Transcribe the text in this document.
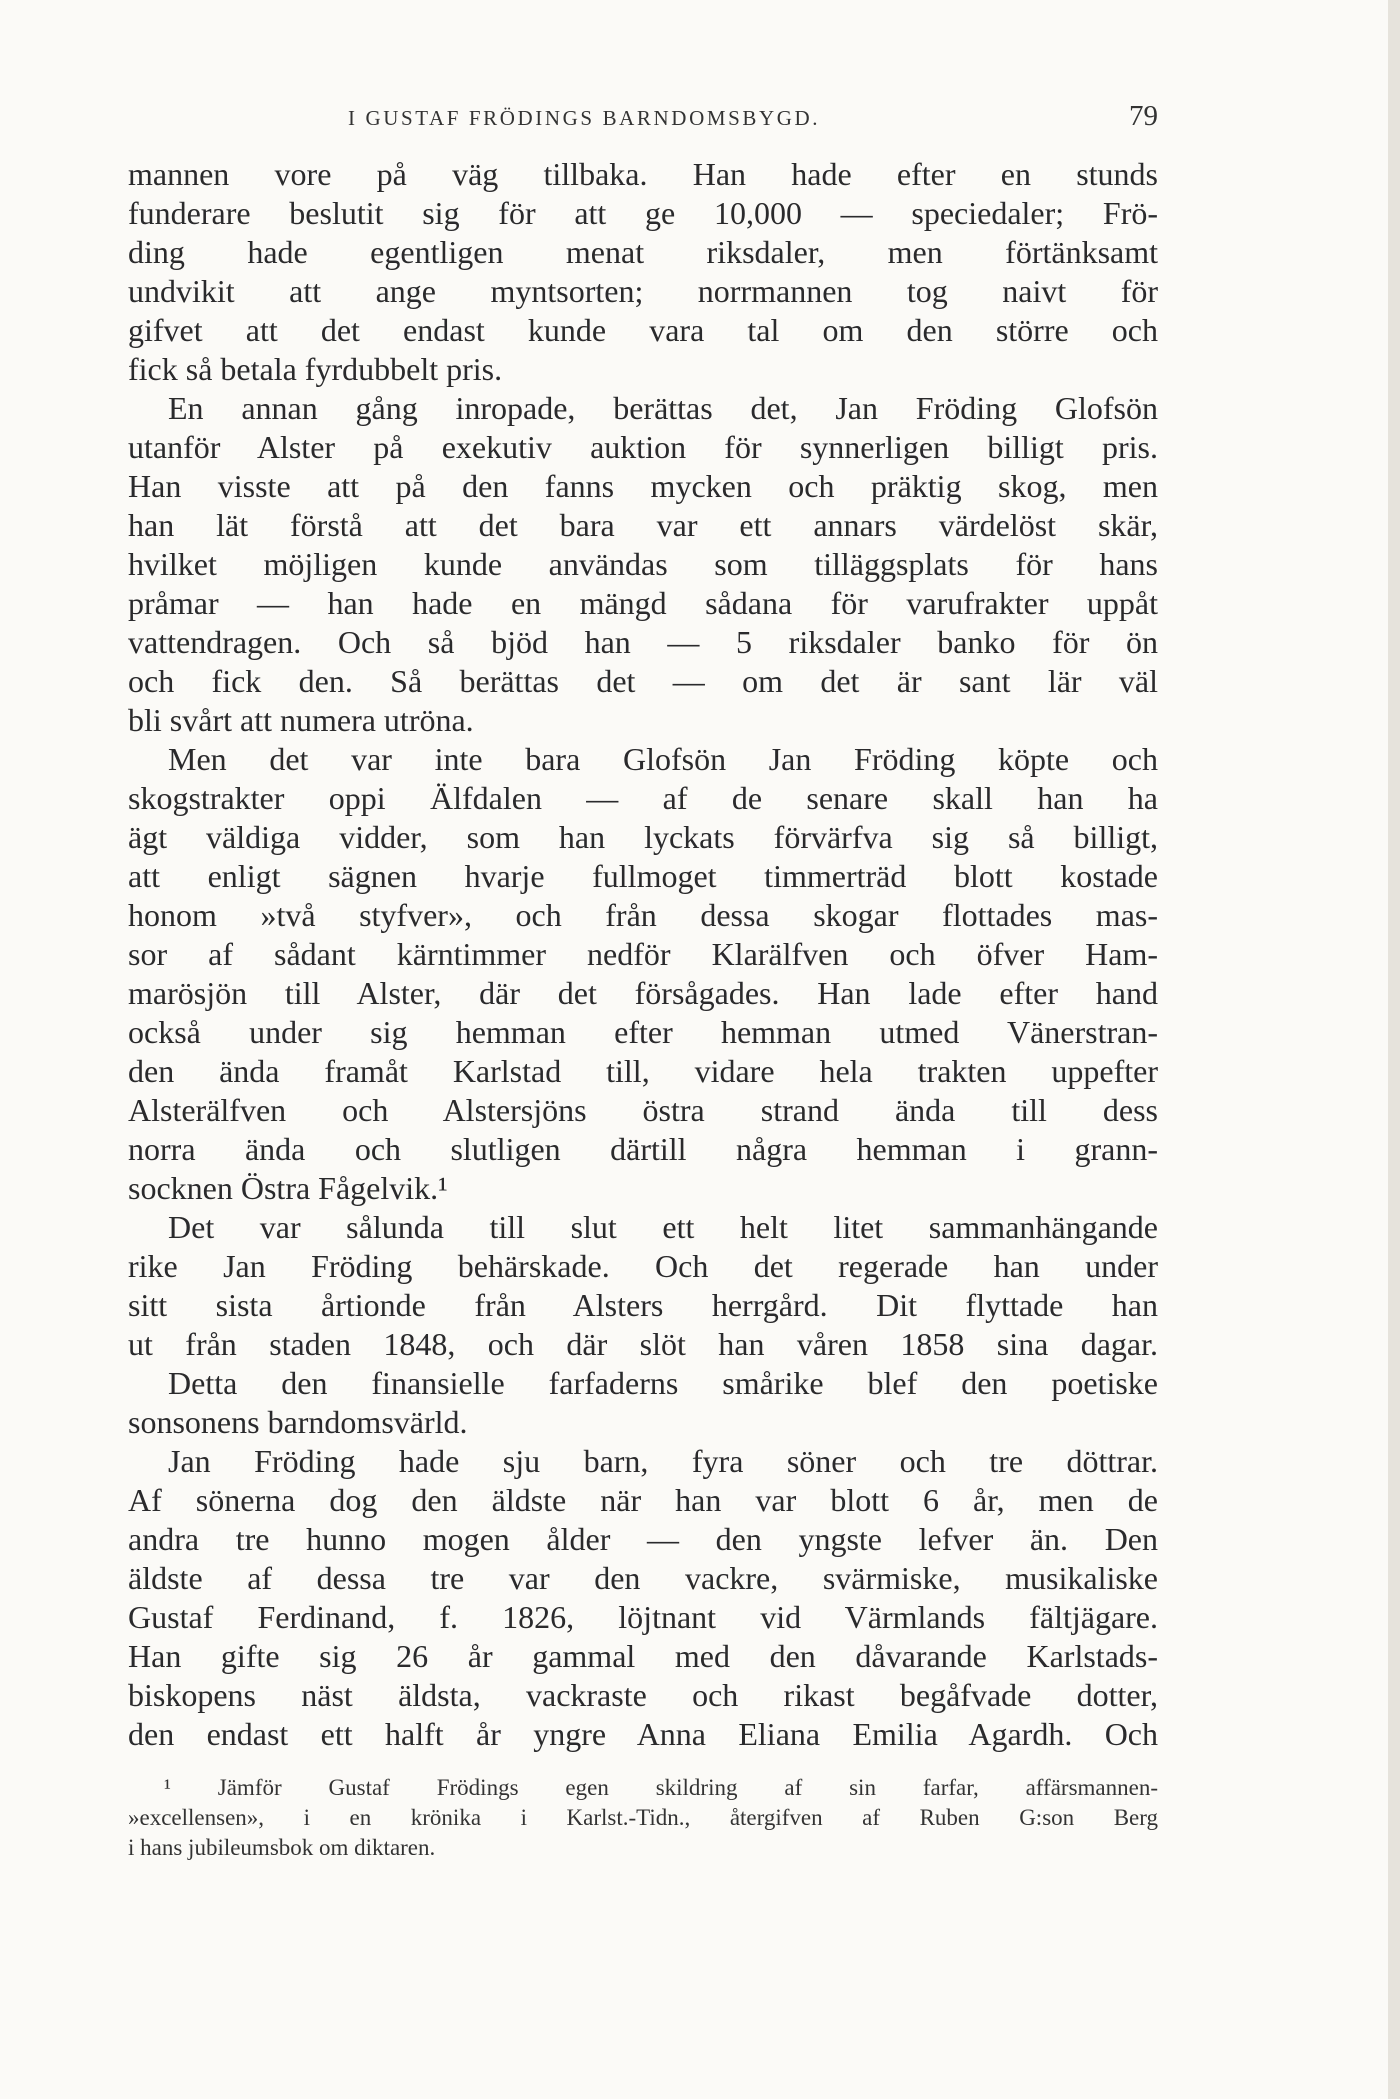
I GUSTAF FRÖDINGS BARNDOMSBYGD.	79
mannen vore på väg tillbaka. Han hade efter en stunds
funderare beslutit sig för att ge 10,000 — speciedaler; Frö-
ding hade egentligen menat riksdaler, men förtänksamt
undvikit att ange myntsorten; norrmannen tog naivt för
gifvet att det endast kunde vara tal om den större och
fick så betala fyrdubbelt pris.
En annan gång inropade, berättas det, Jan Fröding Glofsön
utanför Alster på exekutiv auktion för synnerligen billigt pris.
Han visste att på den fanns mycken och präktig skog, men
han lät förstå att det bara var ett annars värdelöst skär,
hvilket möjligen kunde användas som tilläggsplats för hans
pråmar — han hade en mängd sådana för varufrakter uppåt
vattendragen. Och så bjöd han — 5 riksdaler banko för ön
och fick den. Så berättas det — om det är sant lär väl
bli svårt att numera utröna.
Men det var inte bara Glofsön Jan Fröding köpte och
skogstrakter oppi Älfdalen — af de senare skall han ha
ägt väldiga vidder, som han lyckats förvärfva sig så billigt,
att enligt sägnen hvarje fullmoget timmerträd blott kostade
honom »två styfver», och från dessa skogar flottades mas-
sor af sådant kärntimmer nedför Klarälfven och öfver Ham-
marösjön till Alster, där det försågades. Han lade efter hand
också under sig hemman efter hemman utmed Vänerstran-
den ända framåt Karlstad till, vidare hela trakten uppefter
Alsterälfven och Alstersjöns östra strand ända till dess
norra ända och slutligen därtill några hemman i grann-
socknen Östra Fågelvik.¹
Det var sålunda till slut ett helt litet sammanhängande
rike Jan Fröding behärskade. Och det regerade han under
sitt sista årtionde från Alsters herrgård. Dit flyttade han
ut från staden 1848, och där slöt han våren 1858 sina dagar.
Detta den finansielle farfaderns smårike blef den poetiske
sonsonens barndomsvärld.
Jan Fröding hade sju barn, fyra söner och tre döttrar.
Af sönerna dog den äldste när han var blott 6 år, men de
andra tre hunno mogen ålder — den yngste lefver än. Den
äldste af dessa tre var den vackre, svärmiske, musikaliske
Gustaf Ferdinand, f. 1826, löjtnant vid Värmlands fältjägare.
Han gifte sig 26 år gammal med den dåvarande Karlstads-
biskopens näst äldsta, vackraste och rikast begåfvade dotter,
den endast ett halft år yngre Anna Eliana Emilia Agardh. Och
¹ Jämför Gustaf Frödings egen skildring af sin farfar, affärsmannen-
»excellensen», i en krönika i Karlst.-Tidn., återgifven af Ruben G:son Berg
i hans jubileumsbok om diktaren.
